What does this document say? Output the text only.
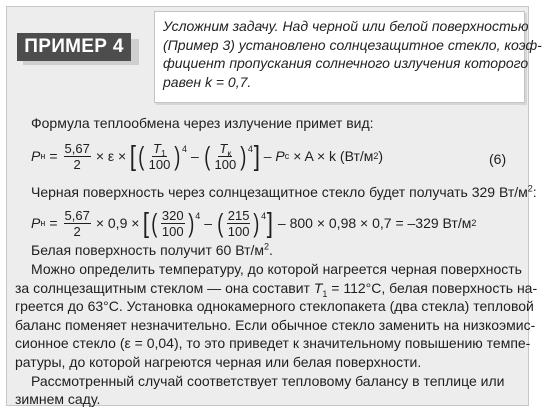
ПРИМЕР 4
Усложним задачу. Над черной или белой поверхностью
(Пример 3) установлено солнцезащитное стекло, коэф-
фициент пропускания солнечного излучения которого
равен k = 0,7.
Формула теплообмена через излучение примет вид:
P $н = \frac{5,67}{2} \times \varepsilon$ × [ ( $\frac{T_1}{100}$ ) 4 – ( $\frac{T_к}{100}$ ) 4 ] – P с × A × k (Вт/м 2 )	(6)
Черная поверхность через солнцезащитное стекло будет получать 329 $Вт/м^2$:
P $н = \frac{5,67}{2} \times 0,9$ × [ ( $\frac{320}{100}$ ) 4 – ( $\frac{215}{100}$ ) 4 ] – 800 × 0,98 × 0,7 = –329 Вт/м 2
Белая поверхность получит 60 $Вт/м^2$.
Можно определить температуру, до которой нагреется черная поверхность
за солнцезащитным стеклом — она составит $T_1 = 112^\circ С$, белая поверхность на-
греется до 63°С. Установка однокамерного стеклопакета (два стекла) тепловой
баланс поменяет незначительно. Если обычное стекло заменить на низкоэмис-
сионное стекло (ε = 0,04), то это приведет к значительному повышению темпе-
ратуры, до которой нагреются черная или белая поверхности.
Рассмотренный случай соответствует тепловому балансу в теплице или
зимнем саду.
